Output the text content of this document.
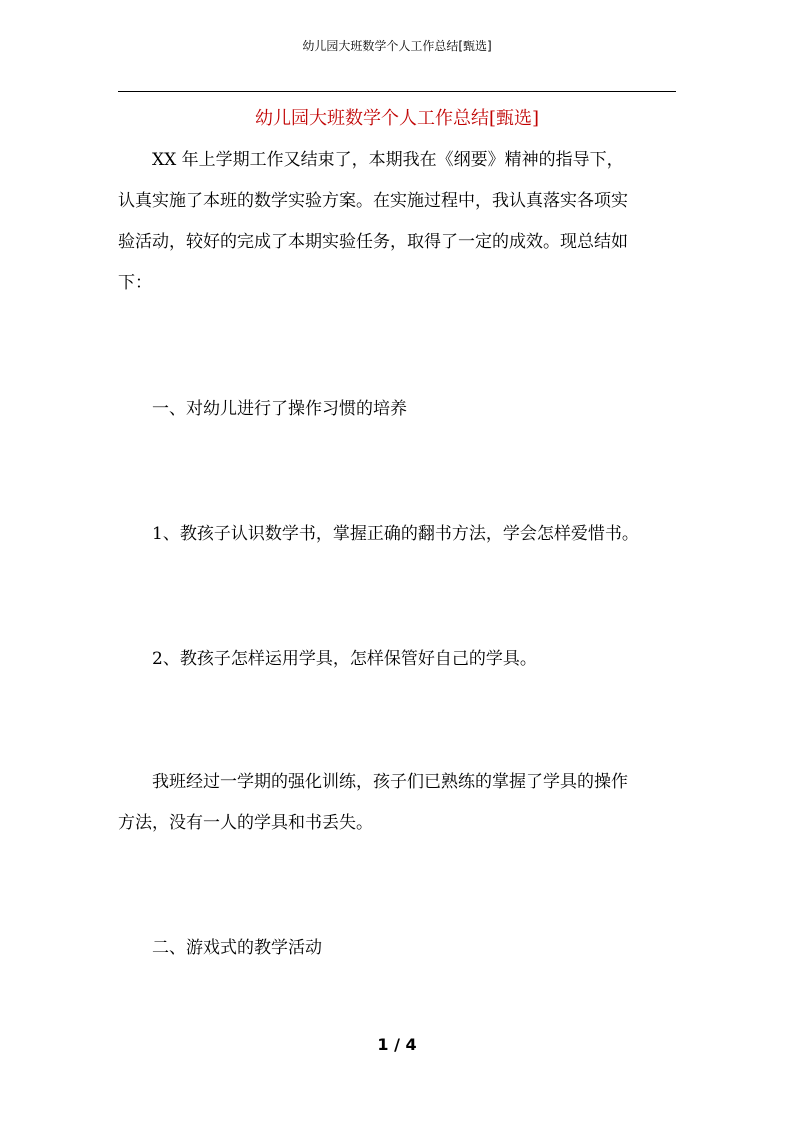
幼儿园大班数学个人工作总结[甄选]
幼儿园大班数学个人工作总结[甄选]
　　XX 年上学期工作又结束了，本期我在《纲要》精神的指导下，
认真实施了本班的数学实验方案。在实施过程中，我认真落实各项实
验活动，较好的完成了本期实验任务，取得了一定的成效。现总结如
下：
　　一、对幼儿进行了操作习惯的培养
　　1、教孩子认识数学书，掌握正确的翻书方法，学会怎样爱惜书。
　　2、教孩子怎样运用学具，怎样保管好自己的学具。
　　我班经过一学期的强化训练，孩子们已熟练的掌握了学具的操作
方法，没有一人的学具和书丢失。
　　二、游戏式的教学活动
1 / 4
